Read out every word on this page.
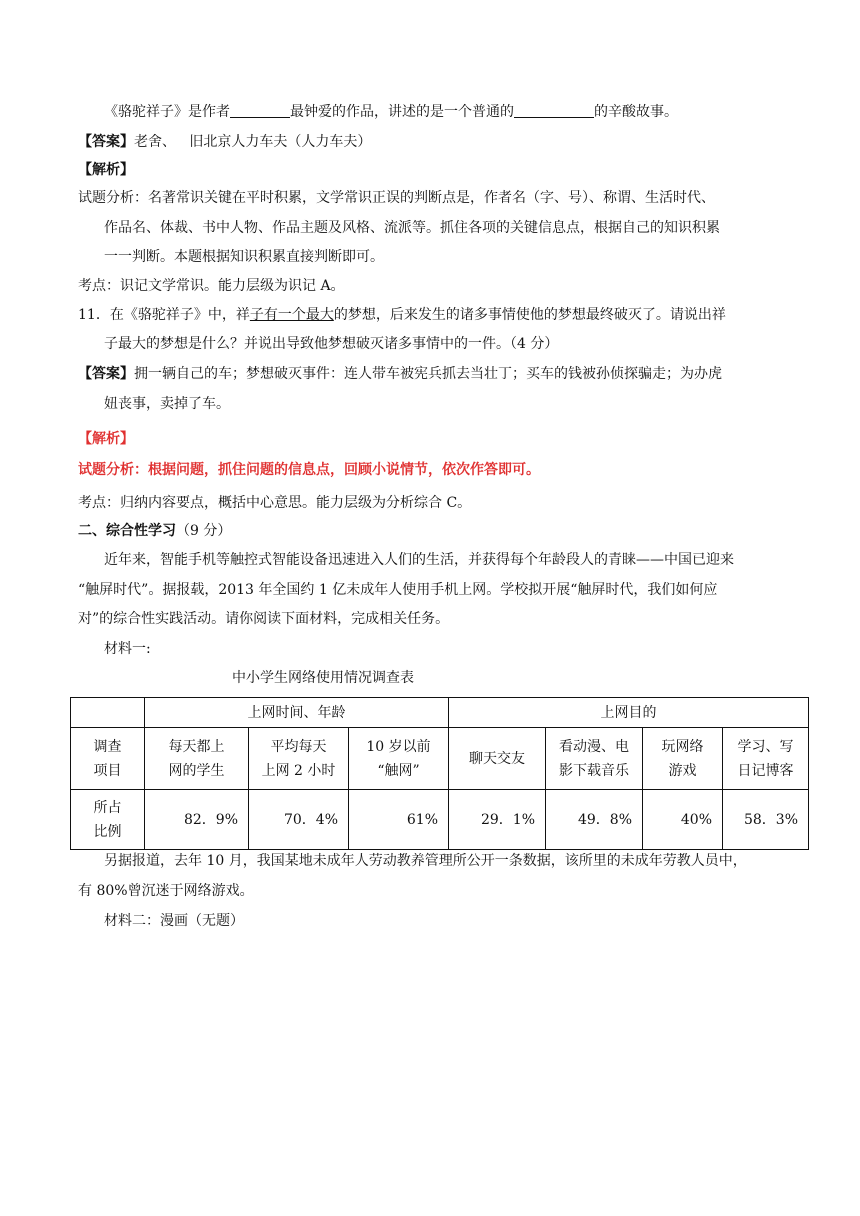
《骆驼祥子》是作者	最钟爱的作品，讲述的是一个普通的	的辛酸故事。
【答案】老舍、   旧北京人力车夫（人力车夫）
【解析】
试题分析：名著常识关键在平时积累，文学常识正误的判断点是，作者名（字、号）、称谓、生活时代、
作品名、体裁、书中人物、作品主题及风格、流派等。抓住各项的关键信息点，根据自己的知识积累
一一判断。本题根据知识积累直接判断即可。
考点：识记文学常识。能力层级为识记 A。
11．在《骆驼祥子》中，祥子有一个最大的梦想，后来发生的诸多事情使他的梦想最终破灭了。请说出祥
子最大的梦想是什么？并说出导致他梦想破灭诸多事情中的一件。（4 分）
【答案】拥一辆自己的车；梦想破灭事件：连人带车被宪兵抓去当壮丁；买车的钱被孙侦探骗走；为办虎
妞丧事，卖掉了车。
【解析】
试题分析：根据问题，抓住问题的信息点，回顾小说情节，依次作答即可。
考点：归纳内容要点，概括中心意思。能力层级为分析综合 C。
二、综合性学习（9 分）
近年来，智能手机等触控式智能设备迅速进入人们的生活，并获得每个年龄段人的青睐——中国已迎来
“触屏时代”。据报载，2013 年全国约 1 亿未成年人使用手机上网。学校拟开展“触屏时代，我们如何应
对”的综合性实践活动。请你阅读下面材料，完成相关任务。
材料一:
中小学生网络使用情况调查表
	上网时间、年龄			上网目的			

调查
项目	每天都上
网的学生	平均每天
上网 2 小时	10 岁以前
“触网”	聊天交友	看动漫、电
影下载音乐	玩网络
游戏	学习、写
日记博客

所占
比例	82．9%	70．4%	61%	29．1%	49．8%	40%	58．3%
另据报道，去年 10 月，我国某地未成年人劳动教养管理所公开一条数据，该所里的未成年劳教人员中，
有 80%曾沉迷于网络游戏。
材料二：漫画（无题）
